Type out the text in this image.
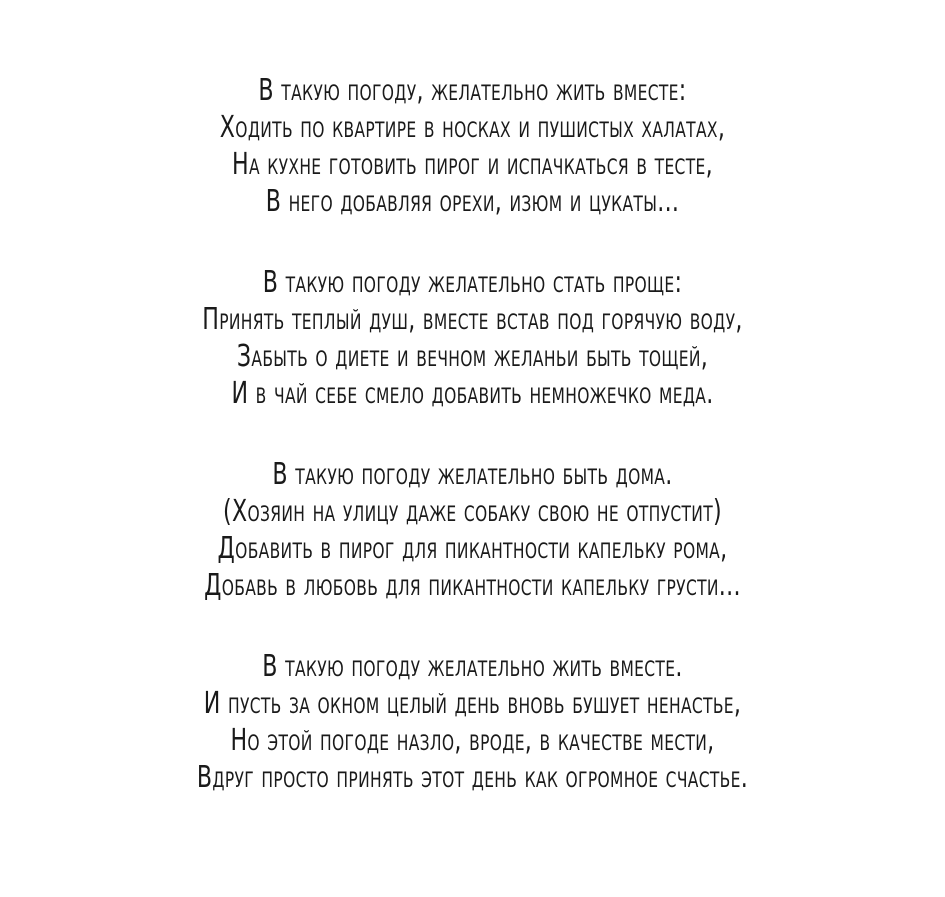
В такую погоду, желательно жить вместе:
Ходить по квартире в носках и пушистых халатах,
На кухне готовить пирог и испачкаться в тесте,
В него добавляя орехи, изюм и цукаты...
В такую погоду желательно стать проще:
Принять теплый душ, вместе встав под горячую воду,
Забыть о диете и вечном желаньи быть тощей,
И в чай себе смело добавить немножечко меда.
В такую погоду желательно быть дома.
(Хозяин на улицу даже собаку свою не отпустит)
Добавить в пирог для пикантности капельку рома,
Добавь в любовь для пикантности капельку грусти...
В такую погоду желательно жить вместе.
И пусть за окном целый день вновь бушует ненастье,
Но этой погоде назло, вроде, в качестве мести,
Вдруг просто принять этот день как огромное счастье.
